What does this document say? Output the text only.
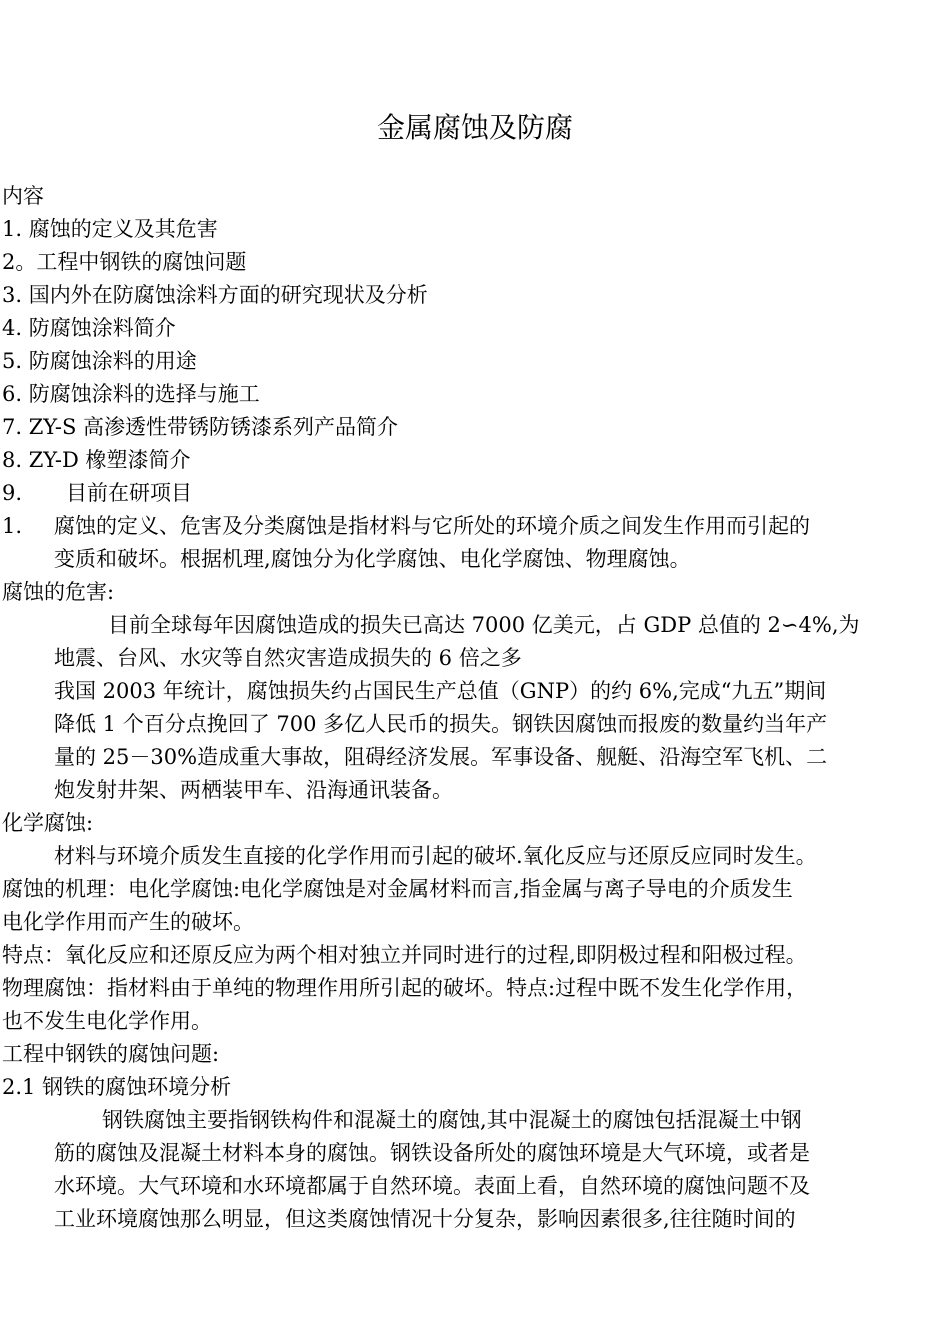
金属腐蚀及防腐
内容
1. 腐蚀的定义及其危害
2。工程中钢铁的腐蚀问题
3. 国内外在防腐蚀涂料方面的研究现状及分析
4. 防腐蚀涂料简介
5. 防腐蚀涂料的用途
6. 防腐蚀涂料的选择与施工
7. ZY-S 高渗透性带锈防锈漆系列产品简介
8. ZY-D 橡塑漆简介
9. 目前在研项目
1. 腐蚀的定义、危害及分类腐蚀是指材料与它所处的环境介质之间发生作用而引起的
变质和破坏。根据机理,腐蚀分为化学腐蚀、电化学腐蚀、物理腐蚀。
腐蚀的危害:
目前全球每年因腐蚀造成的损失已高达 7000 亿美元，占 GDP 总值的 2∽4%,为
地震、台风、水灾等自然灾害造成损失的 6 倍之多
我国 2003 年统计，腐蚀损失约占国民生产总值（GNP）的约 6%,完成“九五”期间
降低 1 个百分点挽回了 700 多亿人民币的损失。钢铁因腐蚀而报废的数量约当年产
量的 25－30%造成重大事故，阻碍经济发展。军事设备、舰艇、沿海空军飞机、二
炮发射井架、两栖装甲车、沿海通讯装备。
化学腐蚀:
材料与环境介质发生直接的化学作用而引起的破坏.氧化反应与还原反应同时发生。
腐蚀的机理：电化学腐蚀:电化学腐蚀是对金属材料而言,指金属与离子导电的介质发生
电化学作用而产生的破坏。
特点：氧化反应和还原反应为两个相对独立并同时进行的过程,即阴极过程和阳极过程。
物理腐蚀：指材料由于单纯的物理作用所引起的破坏。特点:过程中既不发生化学作用，
也不发生电化学作用。
工程中钢铁的腐蚀问题:
2.1 钢铁的腐蚀环境分析
钢铁腐蚀主要指钢铁构件和混凝土的腐蚀,其中混凝土的腐蚀包括混凝土中钢
筋的腐蚀及混凝土材料本身的腐蚀。钢铁设备所处的腐蚀环境是大气环境，或者是
水环境。大气环境和水环境都属于自然环境。表面上看，自然环境的腐蚀问题不及
工业环境腐蚀那么明显，但这类腐蚀情况十分复杂，影响因素很多,往往随时间的
